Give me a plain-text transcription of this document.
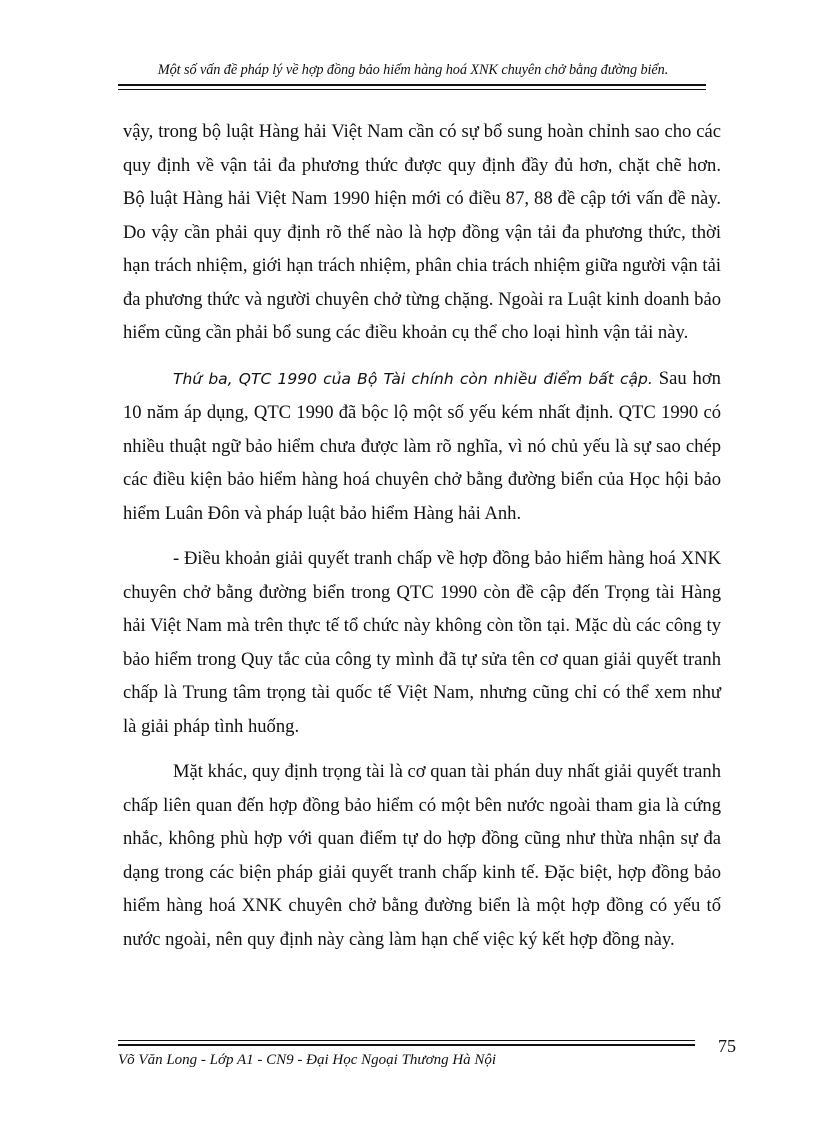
Một số vấn đề pháp lý về hợp đồng bảo hiểm hàng hoá XNK chuyên chở bằng đường biển.

vậy, trong bộ luật Hàng hải Việt Nam cần có sự bổ sung hoàn chỉnh sao cho các quy định về vận tải đa phương thức được quy định đầy đủ hơn, chặt chẽ hơn. Bộ luật Hàng hải Việt Nam 1990 hiện mới có điều 87, 88 đề cập tới vấn đề này. Do vậy cần phải quy định rõ thế nào là hợp đồng vận tải đa phương thức, thời hạn trách nhiệm, giới hạn trách nhiệm, phân chia trách nhiệm giữa người vận tải đa phương thức và người chuyên chở từng chặng. Ngoài ra Luật kinh doanh bảo hiểm cũng cần phải bổ sung các điều khoản cụ thể cho loại hình vận tải này.

Thứ ba, QTC 1990 của Bộ Tài chính còn nhiều điểm bất cập. Sau hơn 10 năm áp dụng, QTC 1990 đã bộc lộ một số yếu kém nhất định. QTC 1990 có nhiều thuật ngữ bảo hiểm chưa được làm rõ nghĩa, vì nó chủ yếu là sự sao chép các điều kiện bảo hiểm hàng hoá chuyên chở bằng đường biển của Học hội bảo hiểm Luân Đôn và pháp luật bảo hiểm Hàng hải Anh.

- Điều khoản giải quyết tranh chấp về hợp đồng bảo hiểm hàng hoá XNK chuyên chở bằng đường biển trong QTC 1990 còn đề cập đến Trọng tài Hàng hải Việt Nam mà trên thực tế tổ chức này không còn tồn tại. Mặc dù các công ty bảo hiểm trong Quy tắc của công ty mình đã tự sửa tên cơ quan giải quyết tranh chấp là Trung tâm trọng tài quốc tế Việt Nam, nhưng cũng chỉ có thể xem như là giải pháp tình huống.

Mặt khác, quy định trọng tài là cơ quan tài phán duy nhất giải quyết tranh chấp liên quan đến hợp đồng bảo hiểm có một bên nước ngoài tham gia là cứng nhắc, không phù hợp với quan điểm tự do hợp đồng cũng như thừa nhận sự đa dạng trong các biện pháp giải quyết tranh chấp kinh tế. Đặc biệt, hợp đồng bảo hiểm hàng hoá XNK chuyên chở bằng đường biển là một hợp đồng có yếu tố nước ngoài, nên quy định này càng làm hạn chế việc ký kết hợp đồng này.

Võ Văn Long - Lớp A1 - CN9 - Đại Học Ngoại Thương Hà Nội
75
